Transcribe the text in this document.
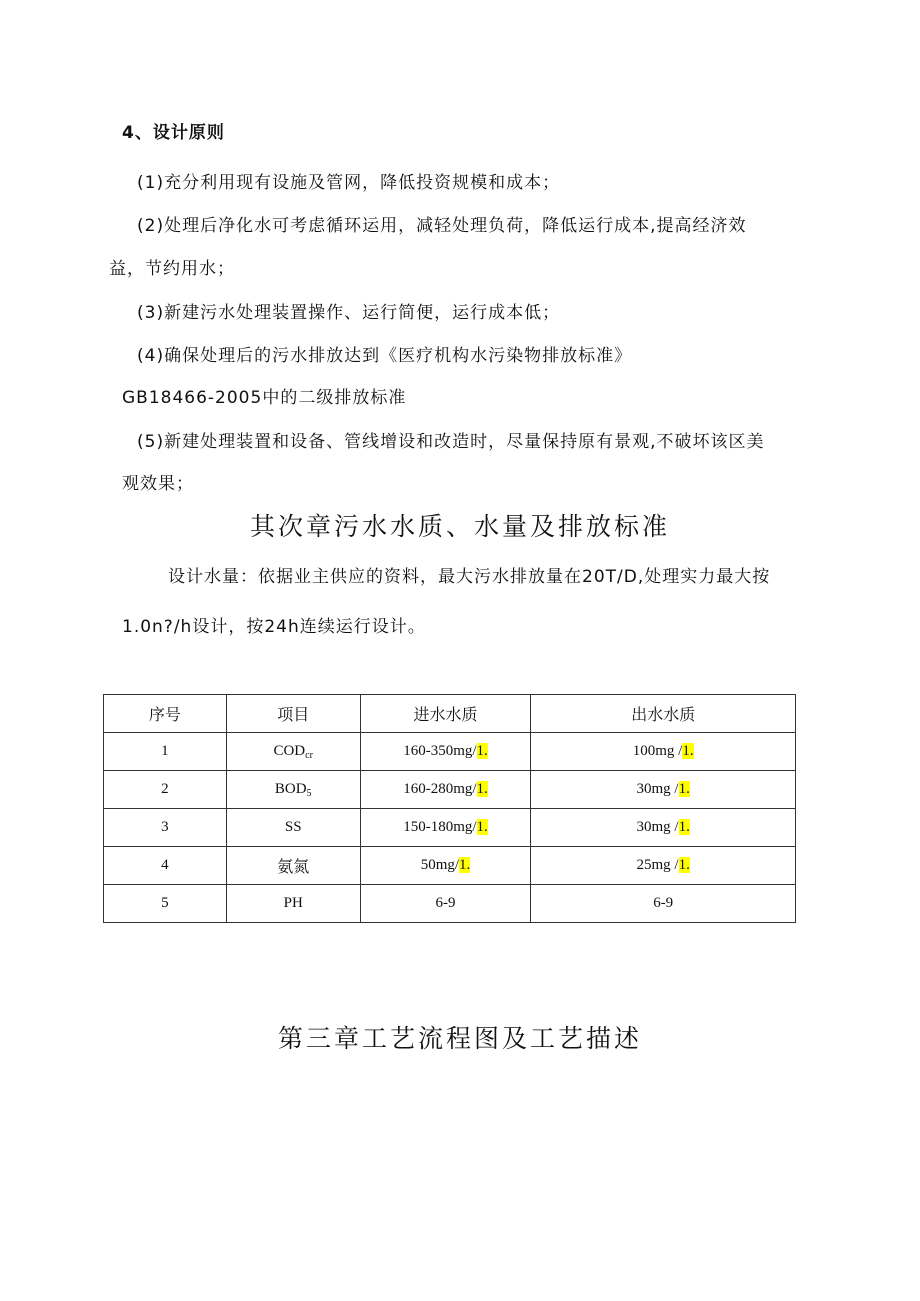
4、设计原则
(1)充分利用现有设施及管网，降低投资规模和成本；
(2)处理后净化水可考虑循环运用，减轻处理负荷，降低运行成本,提高经济效
益，节约用水；
(3)新建污水处理装置操作、运行简便，运行成本低；
(4)确保处理后的污水排放达到《医疗机构水污染物排放标准》
GB18466-2005中的二级排放标准
(5)新建处理装置和设备、管线增设和改造时，尽量保持原有景观,不破坏该区美
观效果；
其次章污水水质、水量及排放标准
设计水量：依据业主供应的资料，最大污水排放量在20T/D,处理实力最大按
1.0n?/h设计，按24h连续运行设计。
序号	项目	进水水质	出水水质
1	$COD_{cr}$	160-350mg/1.	100mg /1.
2	$BOD_5$	160-280mg/1.	30mg /1.
3	SS	150-180mg/1.	30mg /1.
4	氨氮	50mg/1.	25mg /1.
5	PH	6-9	6-9
第三章工艺流程图及工艺描述
